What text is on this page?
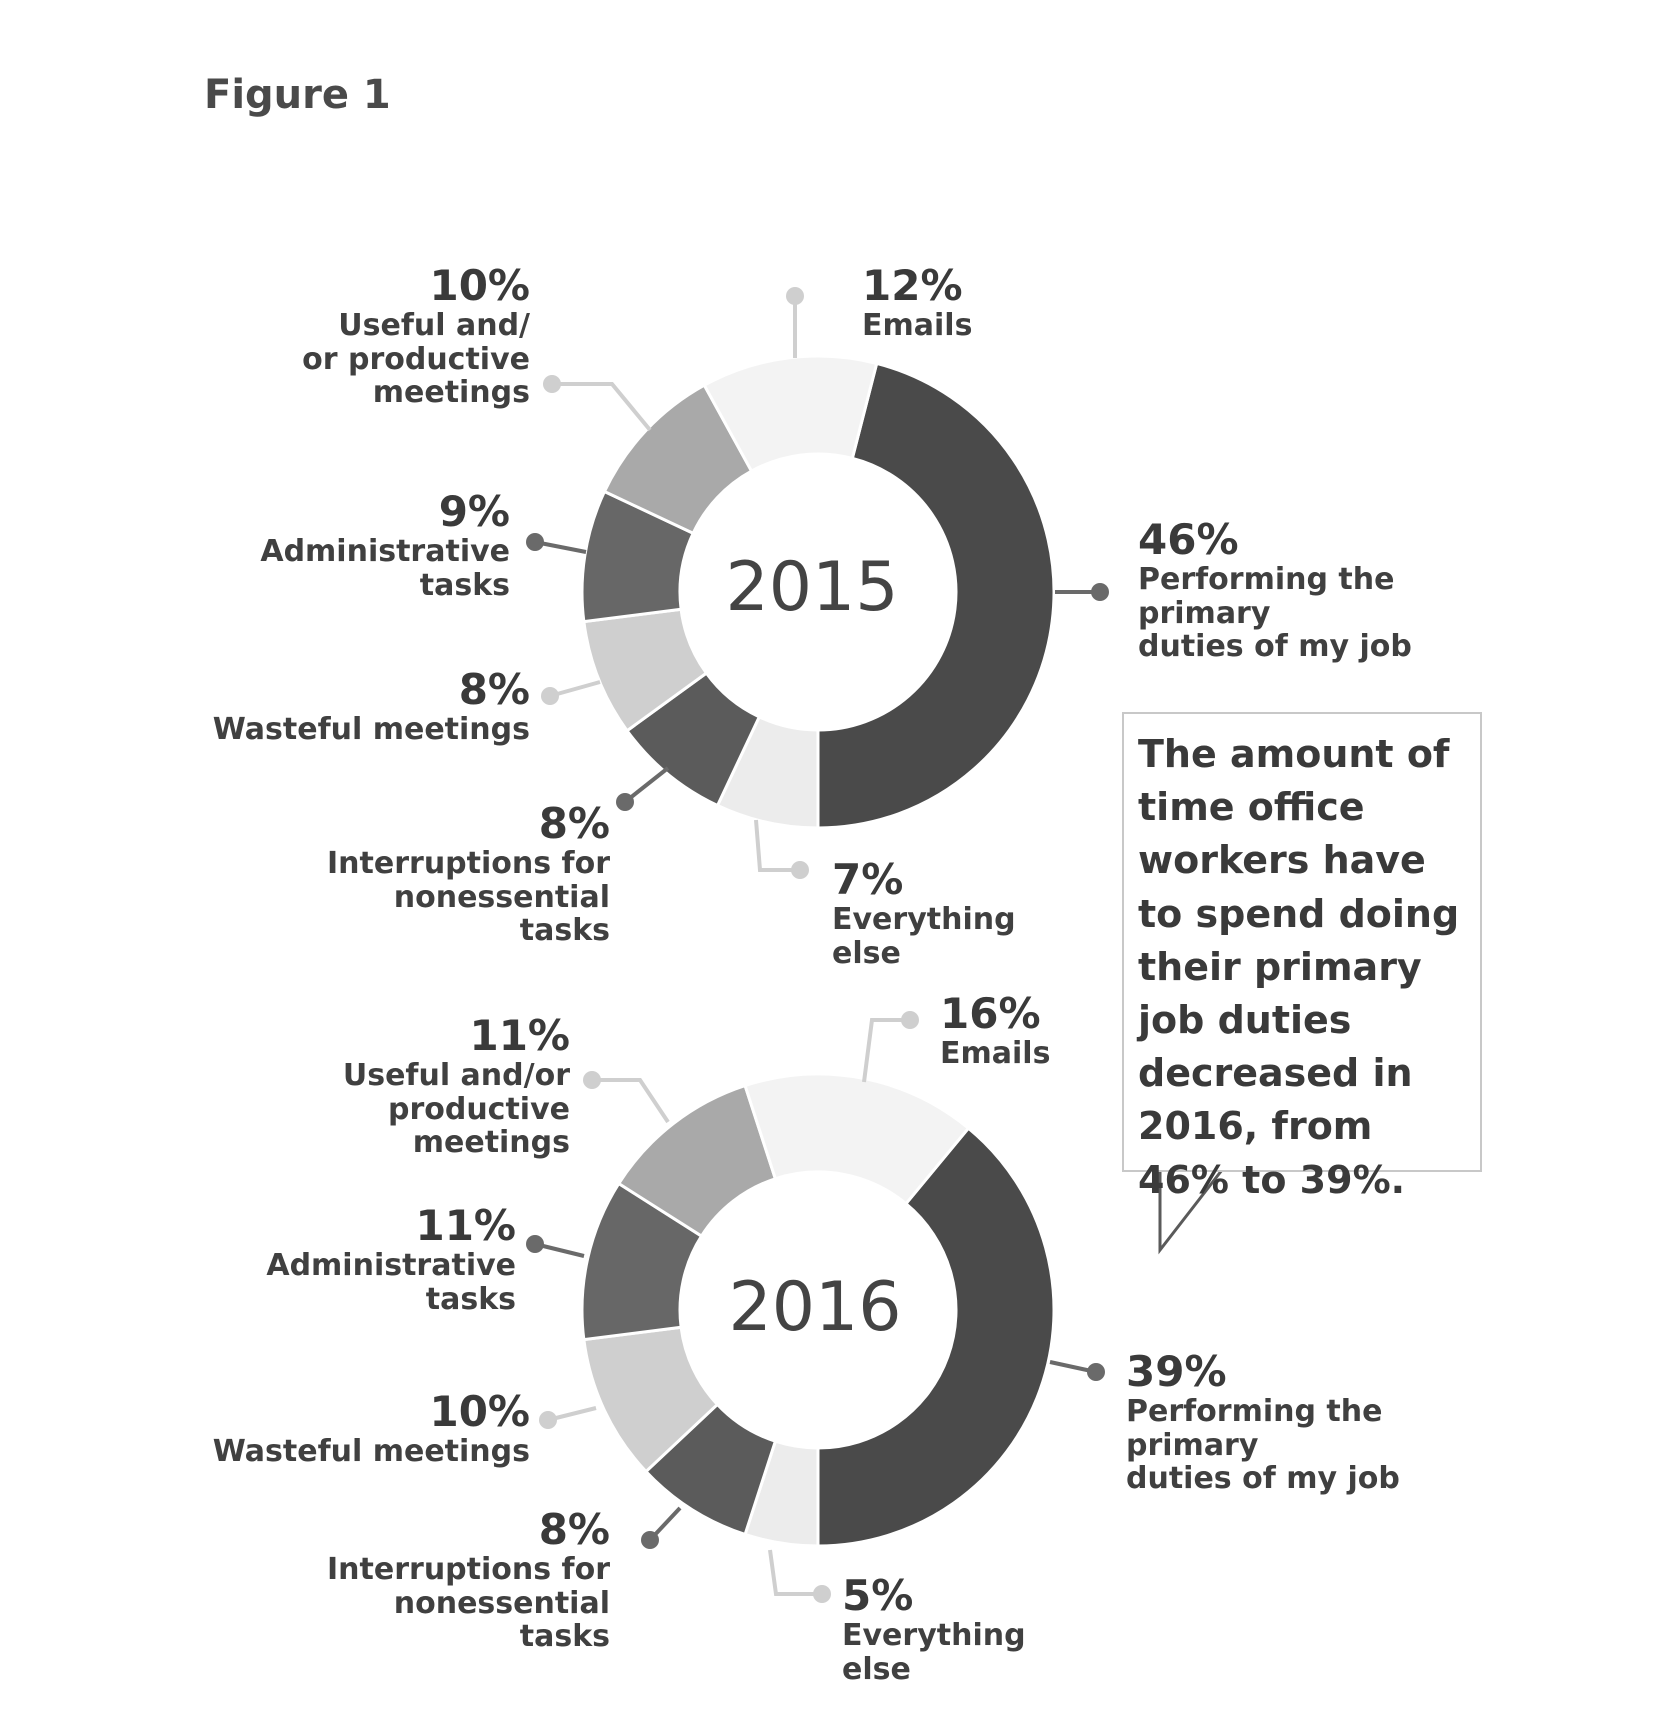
Figure 1
2015
10%
Useful and/
or productive
meetings
12%
Emails
9%
Administrative
tasks
46%
Performing the primary
duties of my job
8%
Wasteful meetings
8%
Interruptions for
nonessential tasks
7%
Everything else
2016
11%
Useful and/or
productive meetings
16%
Emails
11%
Administrative tasks
39%
Performing the primary
duties of my job
10%
Wasteful meetings
8%
Interruptions for
nonessential tasks
5%
Everything else
The amount of time office workers have to spend doing their primary job duties decreased in 2016, from 46% to 39%.
